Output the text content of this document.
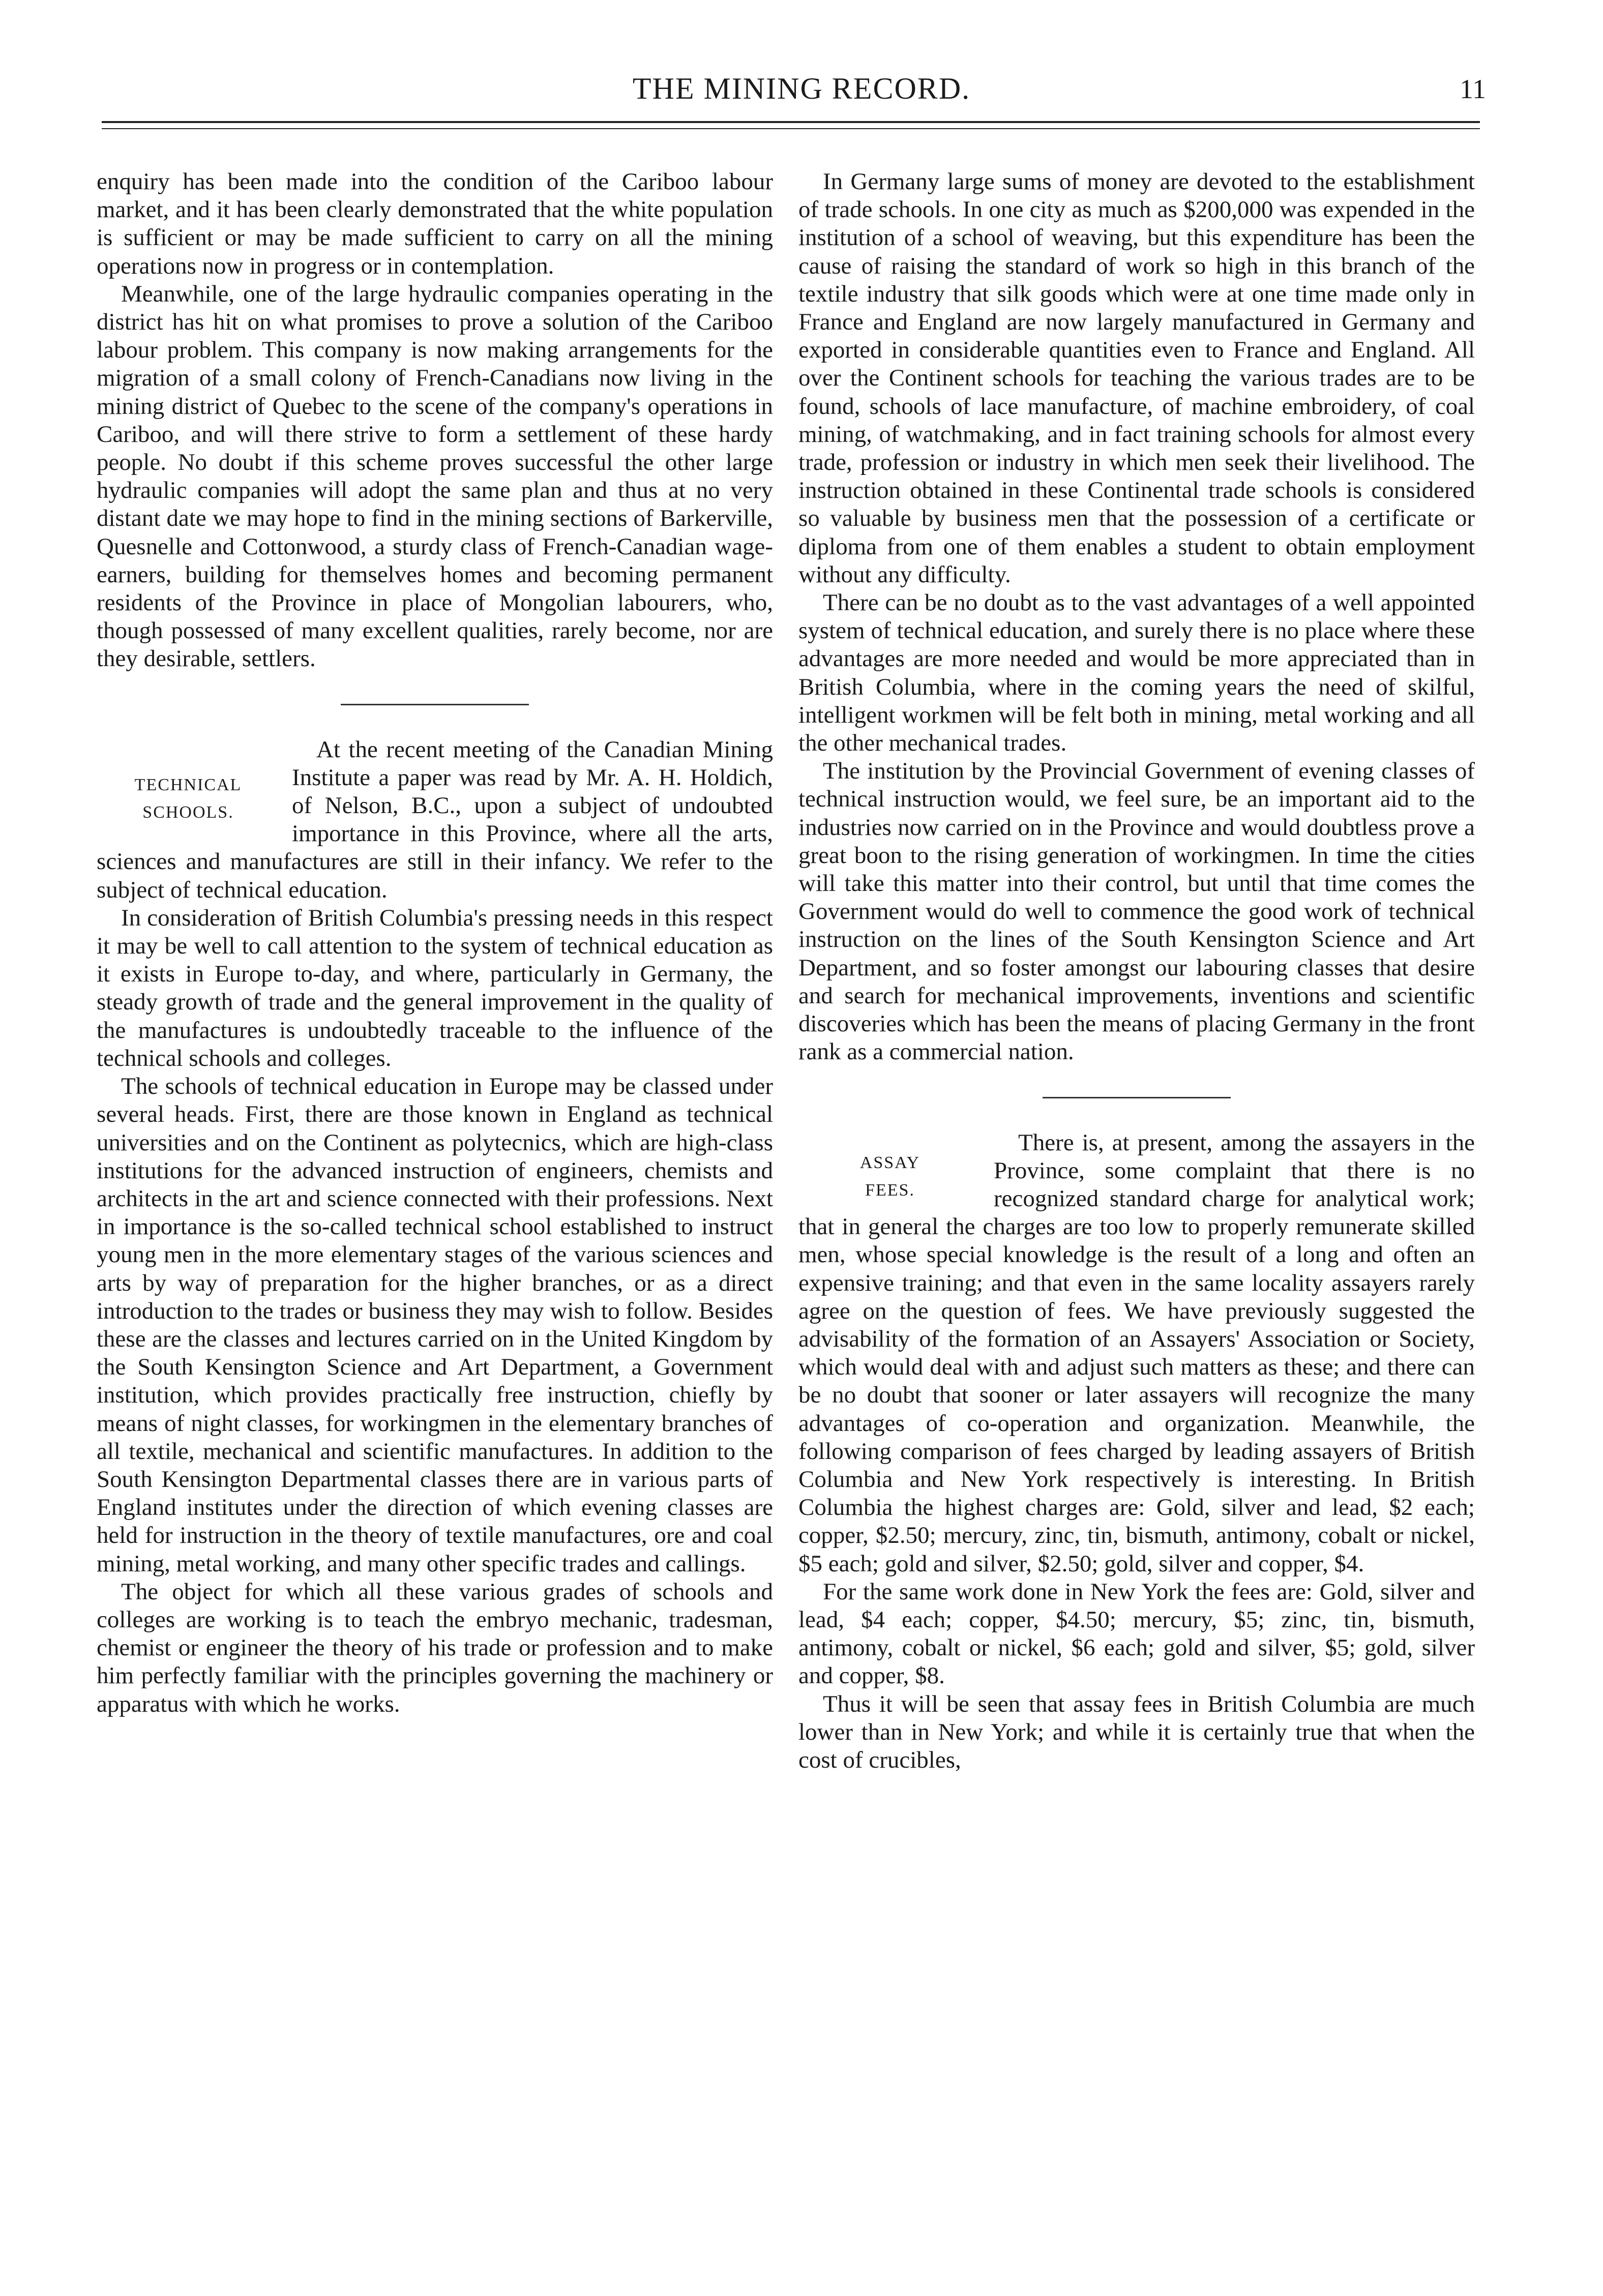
THE MINING RECORD.	11

enquiry has been made into the condition of the Cariboo labour market, and it has been clearly demonstrated that the white population is sufficient or may be made sufficient to carry on all the mining operations now in progress or in contemplation.

Meanwhile, one of the large hydraulic companies operating in the district has hit on what promises to prove a solution of the Cariboo labour problem. This company is now making arrangements for the migration of a small colony of French-Canadians now living in the mining district of Quebec to the scene of the company's operations in Cariboo, and will there strive to form a settlement of these hardy people. No doubt if this scheme proves successful the other large hydraulic companies will adopt the same plan and thus at no very distant date we may hope to find in the mining sections of Barkerville, Quesnelle and Cottonwood, a sturdy class of French-Canadian wage-earners, building for themselves homes and becoming permanent residents of the Province in place of Mongolian labourers, who, though possessed of many excellent qualities, rarely become, nor are they desirable, settlers.

TECHNICAL
SCHOOLS.

At the recent meeting of the Canadian Mining Institute a paper was read by Mr. A. H. Holdich, of Nelson, B.C., upon a subject of undoubted importance in this Province, where all the arts, sciences and manufactures are still in their infancy. We refer to the subject of technical education.

In consideration of British Columbia's pressing needs in this respect it may be well to call attention to the system of technical education as it exists in Europe to-day, and where, particularly in Germany, the steady growth of trade and the general improvement in the quality of the manufactures is undoubtedly traceable to the influence of the technical schools and colleges.

The schools of technical education in Europe may be classed under several heads. First, there are those known in England as technical universities and on the Continent as polytecnics, which are high-class institutions for the advanced instruction of engineers, chemists and architects in the art and science connected with their professions. Next in importance is the so-called technical school established to instruct young men in the more elementary stages of the various sciences and arts by way of preparation for the higher branches, or as a direct introduction to the trades or business they may wish to follow. Besides these are the classes and lectures carried on in the United Kingdom by the South Kensington Science and Art Department, a Government institution, which provides practically free instruction, chiefly by means of night classes, for workingmen in the elementary branches of all textile, mechanical and scientific manufactures. In addition to the South Kensington Departmental classes there are in various parts of England institutes under the direction of which evening classes are held for instruction in the theory of textile manufactures, ore and coal mining, metal working, and many other specific trades and callings.

The object for which all these various grades of schools and colleges are working is to teach the embryo mechanic, tradesman, chemist or engineer the theory of his trade or profession and to make him perfectly familiar with the principles governing the machinery or apparatus with which he works.

In Germany large sums of money are devoted to the establishment of trade schools. In one city as much as $200,000 was expended in the institution of a school of weaving, but this expenditure has been the cause of raising the standard of work so high in this branch of the textile industry that silk goods which were at one time made only in France and England are now largely manufactured in Germany and exported in considerable quantities even to France and England. All over the Continent schools for teaching the various trades are to be found, schools of lace manufacture, of machine embroidery, of coal mining, of watchmaking, and in fact training schools for almost every trade, profession or industry in which men seek their livelihood. The instruction obtained in these Continental trade schools is considered so valuable by business men that the possession of a certificate or diploma from one of them enables a student to obtain employment without any difficulty.

There can be no doubt as to the vast advantages of a well appointed system of technical education, and surely there is no place where these advantages are more needed and would be more appreciated than in British Columbia, where in the coming years the need of skilful, intelligent workmen will be felt both in mining, metal working and all the other mechanical trades.

The institution by the Provincial Government of evening classes of technical instruction would, we feel sure, be an important aid to the industries now carried on in the Province and would doubtless prove a great boon to the rising generation of workingmen. In time the cities will take this matter into their control, but until that time comes the Government would do well to commence the good work of technical instruction on the lines of the South Kensington Science and Art Department, and so foster amongst our labouring classes that desire and search for mechanical improvements, inventions and scientific discoveries which has been the means of placing Germany in the front rank as a commercial nation.

ASSAY
FEES.

There is, at present, among the assayers in the Province, some complaint that there is no recognized standard charge for analytical work; that in general the charges are too low to properly remunerate skilled men, whose special knowledge is the result of a long and often an expensive training; and that even in the same locality assayers rarely agree on the question of fees. We have previously suggested the advisability of the formation of an Assayers' Association or Society, which would deal with and adjust such matters as these; and there can be no doubt that sooner or later assayers will recognize the many advantages of co-operation and organization. Meanwhile, the following comparison of fees charged by leading assayers of British Columbia and New York respectively is interesting. In British Columbia the highest charges are: Gold, silver and lead, $2 each; copper, $2.50; mercury, zinc, tin, bismuth, antimony, cobalt or nickel, $5 each; gold and silver, $2.50; gold, silver and copper, $4.

For the same work done in New York the fees are: Gold, silver and lead, $4 each; copper, $4.50; mercury, $5; zinc, tin, bismuth, antimony, cobalt or nickel, $6 each; gold and silver, $5; gold, silver and copper, $8.

Thus it will be seen that assay fees in British Columbia are much lower than in New York; and while it is certainly true that when the cost of crucibles,
